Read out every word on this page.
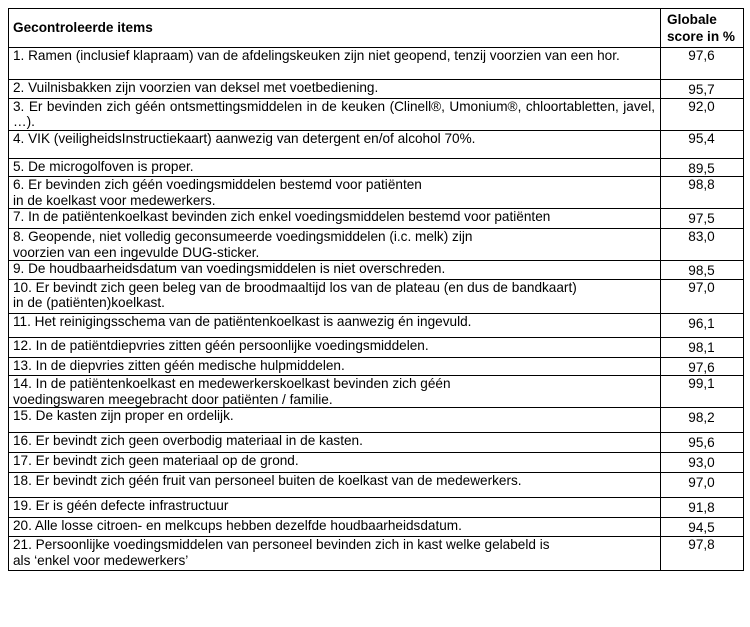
Gecontroleerde items	Globale score in %
1. Ramen (inclusief klapraam) van de afdelingskeuken zijn niet geopend, tenzij voorzien van een hor.	97,6
2. Vuilnisbakken zijn voorzien van deksel met voetbediening.	95,7
3. Er bevinden zich géén ontsmettingsmiddelen in de keuken (Clinell®, Umonium®, chloortabletten, javel, …).	92,0
4. VIK (veiligheidsInstructiekaart) aanwezig van detergent en/of alcohol 70%.	95,4
5. De microgolfoven is proper.	89,5
6. Er bevinden zich géén voedingsmiddelen bestemd voor patiënten
in de koelkast voor medewerkers.	98,8
7. In de patiëntenkoelkast bevinden zich enkel voedingsmiddelen bestemd voor patiënten	97,5
8. Geopende, niet volledig geconsumeerde voedingsmiddelen (i.c. melk) zijn
voorzien van een ingevulde DUG-sticker.	83,0
9. De houdbaarheidsdatum van voedingsmiddelen is niet overschreden.	98,5
10. Er bevindt zich geen beleg van de broodmaaltijd los van de plateau (en dus de bandkaart)
in de (patiënten)koelkast.	97,0
11. Het reinigingsschema van de patiëntenkoelkast is aanwezig én ingevuld.	96,1
12. In de patiëntdiepvries zitten géén persoonlijke voedingsmiddelen.	98,1
13. In de diepvries zitten géén medische hulpmiddelen.	97,6
14. In de patiëntenkoelkast en medewerkerskoelkast bevinden zich géén
voedingswaren meegebracht door patiënten / familie.	99,1
15. De kasten zijn proper en ordelijk.	98,2
16. Er bevindt zich geen overbodig materiaal in de kasten.	95,6
17. Er bevindt zich geen materiaal op de grond.	93,0
18. Er bevindt zich géén fruit van personeel buiten de koelkast van de medewerkers.	97,0
19. Er is géén defecte infrastructuur	91,8
20. Alle losse citroen- en melkcups hebben dezelfde houdbaarheidsdatum.	94,5
21. Persoonlijke voedingsmiddelen van personeel bevinden zich in kast welke gelabeld is
als ‘enkel voor medewerkers’	97,8
